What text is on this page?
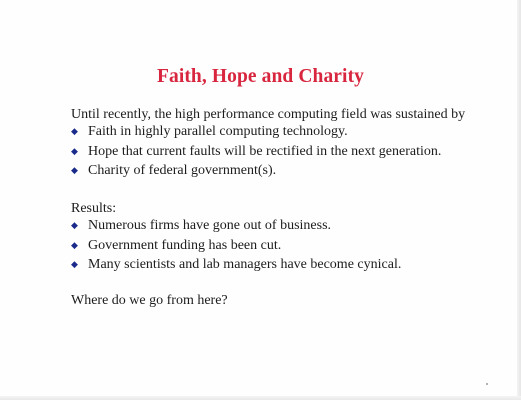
Faith, Hope and Charity
Until recently, the high performance computing field was sustained by
◆ Faith in highly parallel computing technology.
◆ Hope that current faults will be rectified in the next generation.
◆ Charity of federal government(s).
Results:
◆ Numerous firms have gone out of business.
◆ Government funding has been cut.
◆ Many scientists and lab managers have become cynical.
Where do we go from here?
